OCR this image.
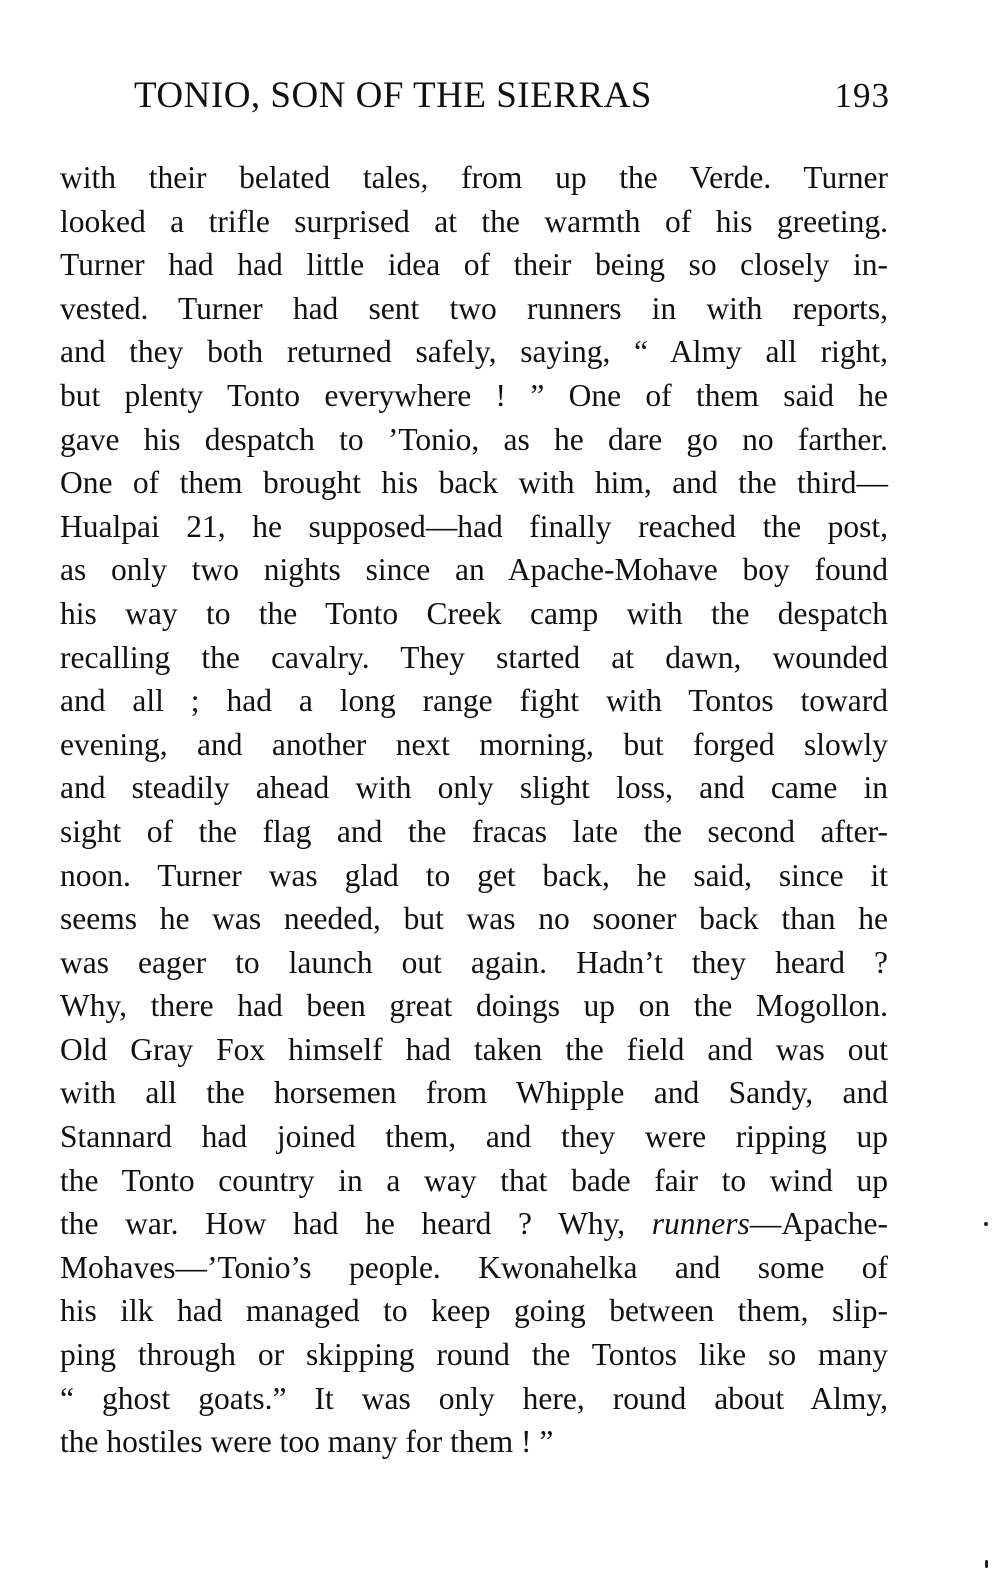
TONIO, SON OF THE SIERRAS	193
with their belated tales, from up the Verde. Turner
looked a trifle surprised at the warmth of his greeting.
Turner had had little idea of their being so closely in-
vested. Turner had sent two runners in with reports,
and they both returned safely, saying, “ Almy all right,
but plenty Tonto everywhere ! ” One of them said he
gave his despatch to ’Tonio, as he dare go no farther.
One of them brought his back with him, and the third—
Hualpai 21, he supposed—had finally reached the post,
as only two nights since an Apache-Mohave boy found
his way to the Tonto Creek camp with the despatch
recalling the cavalry. They started at dawn, wounded
and all ; had a long range fight with Tontos toward
evening, and another next morning, but forged slowly
and steadily ahead with only slight loss, and came in
sight of the flag and the fracas late the second after-
noon. Turner was glad to get back, he said, since it
seems he was needed, but was no sooner back than he
was eager to launch out again. Hadn’t they heard ?
Why, there had been great doings up on the Mogollon.
Old Gray Fox himself had taken the field and was out
with all the horsemen from Whipple and Sandy, and
Stannard had joined them, and they were ripping up
the Tonto country in a way that bade fair to wind up
the war. How had he heard ? Why, runners—Apache-
Mohaves—’Tonio’s people. Kwonahelka and some of
his ilk had managed to keep going between them, slip-
ping through or skipping round the Tontos like so many
“ ghost goats.” It was only here, round about Almy,
the hostiles were too many for them ! ”
